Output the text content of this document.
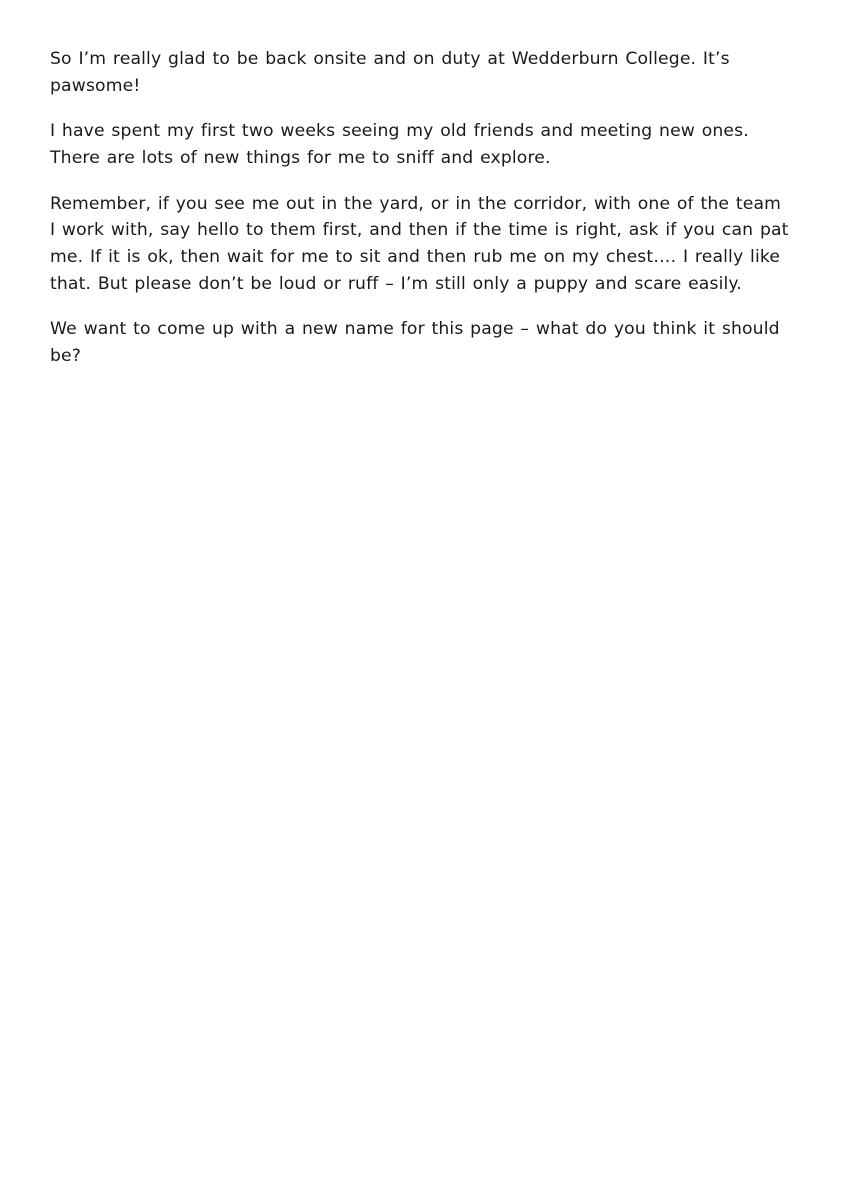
So I’m really glad to be back onsite and on duty at Wedderburn College. It’s pawsome!

I have spent my first two weeks seeing my old friends and meeting new ones. There are lots of new things for me to sniff and explore.

Remember, if you see me out in the yard, or in the corridor, with one of the team I work with, say hello to them first, and then if the time is right, ask if you can pat me. If it is ok, then wait for me to sit and then rub me on my chest…. I really like that. But please don’t be loud or ruff – I’m still only a puppy and scare easily.

We want to come up with a new name for this page – what do you think it should be?
